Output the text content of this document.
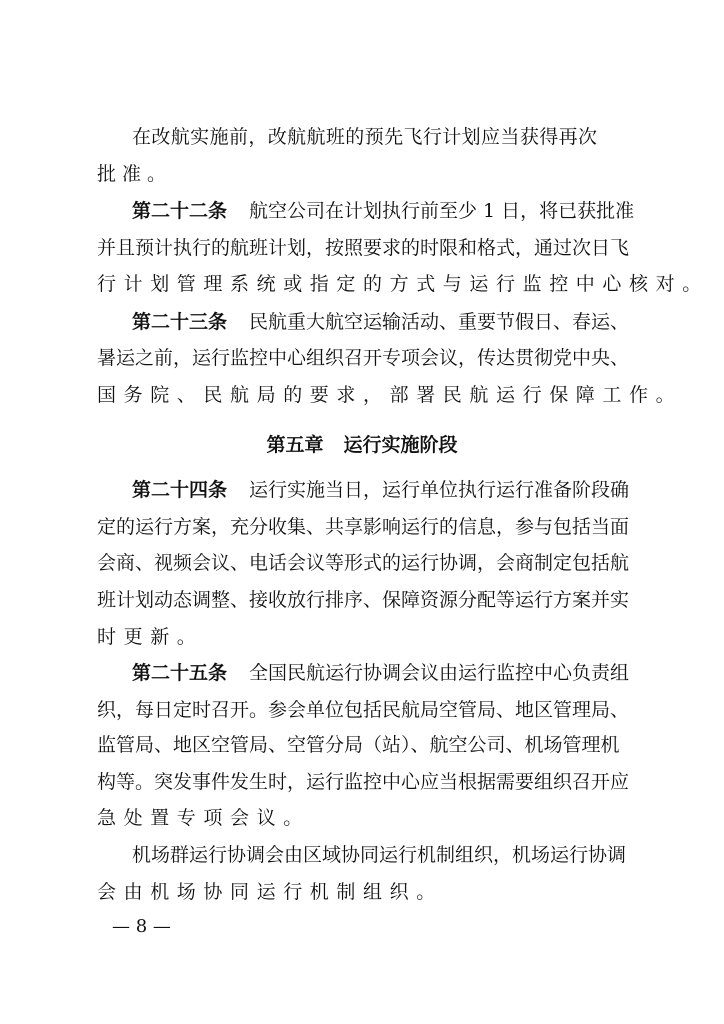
在改航实施前，改航航班的预先飞行计划应当获得再次
批准。
第二十二条 航空公司在计划执行前至少 1 日，将已获批准
并且预计执行的航班计划，按照要求的时限和格式，通过次日飞
行计划管理系统或指定的方式与运行监控中心核对。
第二十三条 民航重大航空运输活动、重要节假日、春运、
暑运之前，运行监控中心组织召开专项会议，传达贯彻党中央、
国务院、民航局的要求，部署民航运行保障工作。
第五章 运行实施阶段
第二十四条 运行实施当日，运行单位执行运行准备阶段确
定的运行方案，充分收集、共享影响运行的信息，参与包括当面
会商、视频会议、电话会议等形式的运行协调，会商制定包括航
班计划动态调整、接收放行排序、保障资源分配等运行方案并实
时更新。
第二十五条 全国民航运行协调会议由运行监控中心负责组
织，每日定时召开。参会单位包括民航局空管局、地区管理局、
监管局、地区空管局、空管分局（站）、航空公司、机场管理机
构等。突发事件发生时，运行监控中心应当根据需要组织召开应
急处置专项会议。
机场群运行协调会由区域协同运行机制组织，机场运行协调
会由机场协同运行机制组织。
— 8 —
